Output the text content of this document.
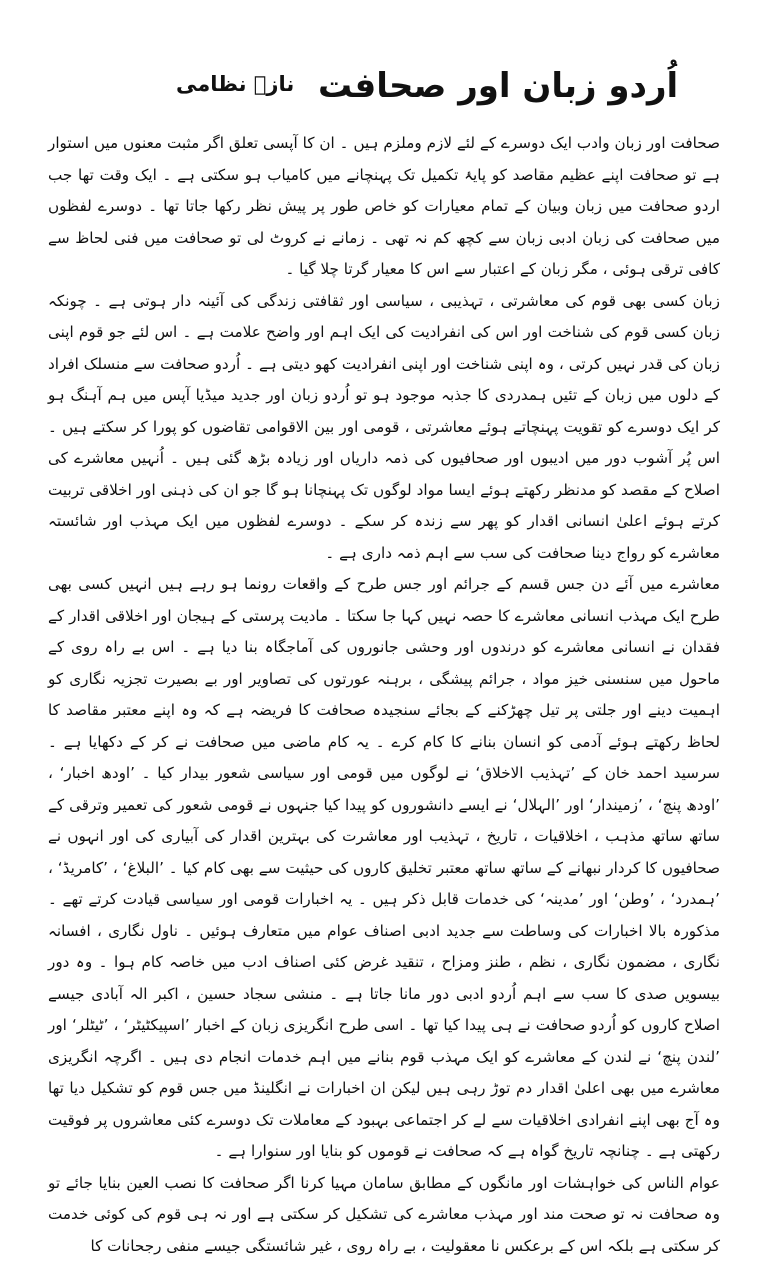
اُردو زبان اور صحافت
نازؔ نظامی

صحافت اور زبان وادب ایک دوسرے کے لئے لازم وملزم ہیں ۔ ان کا آپسی تعلق اگر مثبت معنوں میں استوار ہے تو صحافت اپنے عظیم مقاصد کو پایۂ تکمیل تک پہنچانے میں کامیاب ہو سکتی ہے ۔ ایک وقت تھا جب اردو صحافت میں زبان وبیان کے تمام معیارات کو خاص طور پر پیش نظر رکھا جاتا تھا ۔ دوسرے لفظوں میں صحافت کی زبان ادبی زبان سے کچھ کم نہ تھی ۔ زمانے نے کروٹ لی تو صحافت میں فنی لحاظ سے کافی ترقی ہوئی ، مگر زبان کے اعتبار سے اس کا معیار گرتا چلا گیا ۔

زبان کسی بھی قوم کی معاشرتی ، تہذیبی ، سیاسی اور ثقافتی زندگی کی آئینہ دار ہوتی ہے ۔ چونکہ زبان کسی قوم کی شناخت اور اس کی انفرادیت کی ایک اہم اور واضح علامت ہے ۔ اس لئے جو قوم اپنی زبان کی قدر نہیں کرتی ، وہ اپنی شناخت اور اپنی انفرادیت کھو دیتی ہے ۔ اُردو صحافت سے منسلک افراد کے دلوں میں زبان کے تئیں ہمدردی کا جذبہ موجود ہو تو اُردو زبان اور جدید میڈیا آپس میں ہم آہنگ ہو کر ایک دوسرے کو تقویت پہنچاتے ہوئے معاشرتی ، قومی اور بین الاقوامی تقاضوں کو پورا کر سکتے ہیں ۔ اس پُر آشوب دور میں ادیبوں اور صحافیوں کی ذمہ داریاں اور زیادہ بڑھ گئی ہیں ۔ اُنہیں معاشرے کی اصلاح کے مقصد کو مدنظر رکھتے ہوئے ایسا مواد لوگوں تک پہنچانا ہو گا جو ان کی ذہنی اور اخلاقی تربیت کرتے ہوئے اعلیٰ انسانی اقدار کو پھر سے زندہ کر سکے ۔ دوسرے لفظوں میں ایک مہذب اور شائستہ معاشرے کو رواج دینا صحافت کی سب سے اہم ذمہ داری ہے ۔

معاشرے میں آئے دن جس قسم کے جرائم اور جس طرح کے واقعات رونما ہو رہے ہیں انہیں کسی بھی طرح ایک مہذب انسانی معاشرے کا حصہ نہیں کہا جا سکتا ۔ مادیت پرستی کے ہیجان اور اخلاقی اقدار کے فقدان نے انسانی معاشرے کو درندوں اور وحشی جانوروں کی آماجگاہ بنا دیا ہے ۔ اس بے راہ روی کے ماحول میں سنسنی خیز مواد ، جرائم پیشگی ، برہنہ عورتوں کی تصاویر اور بے بصیرت تجزیہ نگاری کو اہمیت دینے اور جلتی پر تیل چھڑکنے کے بجائے سنجیدہ صحافت کا فریضہ ہے کہ وہ اپنے معتبر مقاصد کا لحاظ رکھتے ہوئے آدمی کو انسان بنانے کا کام کرے ۔ یہ کام ماضی میں صحافت نے کر کے دکھایا ہے ۔ سرسید احمد خان کے ’تہذیب الاخلاق‘ نے لوگوں میں قومی اور سیاسی شعور بیدار کیا ۔ ’اودھ اخبار‘ ، ’اودھ پنچ‘ ، ’زمیندار‘ اور ’الہلال‘ نے ایسے دانشوروں کو پیدا کیا جنہوں نے قومی شعور کی تعمیر وترقی کے ساتھ ساتھ مذہب ، اخلاقیات ، تاریخ ، تہذیب اور معاشرت کی بہترین اقدار کی آبیاری کی اور انہوں نے صحافیوں کا کردار نبھانے کے ساتھ ساتھ معتبر تخلیق کاروں کی حیثیت سے بھی کام کیا ۔ ’البلاغ‘ ، ’کامریڈ‘ ، ’ہمدرد‘ ، ’وطن‘ اور ’مدینہ‘ کی خدمات قابل ذکر ہیں ۔ یہ اخبارات قومی اور سیاسی قیادت کرتے تھے ۔ مذکورہ بالا اخبارات کی وساطت سے جدید ادبی اصناف عوام میں متعارف ہوئیں ۔ ناول نگاری ، افسانہ نگاری ، مضمون نگاری ، نظم ، طنز ومزاح ، تنقید غرض کئی اصناف ادب میں خاصہ کام ہوا ۔ وہ دور بیسویں صدی کا سب سے اہم اُردو ادبی دور مانا جاتا ہے ۔ منشی سجاد حسین ، اکبر الہ آبادی جیسے اصلاح کاروں کو اُردو صحافت نے ہی پیدا کیا تھا ۔ اسی طرح انگریزی زبان کے اخبار ’اسپیکٹیٹر‘ ، ’ٹیٹلر‘ اور ’لندن پنچ‘ نے لندن کے معاشرے کو ایک مہذب قوم بنانے میں اہم خدمات انجام دی ہیں ۔ اگرچہ انگریزی معاشرے میں بھی اعلیٰ اقدار دم توڑ رہی ہیں لیکن ان اخبارات نے انگلینڈ میں جس قوم کو تشکیل دیا تھا وہ آج بھی اپنے انفرادی اخلاقیات سے لے کر اجتماعی بہبود کے معاملات تک دوسرے کئی معاشروں پر فوقیت رکھتی ہے ۔ چنانچہ تاریخ گواہ ہے کہ صحافت نے قوموں کو بنایا اور سنوارا ہے ۔

عوام الناس کی خواہشات اور مانگوں کے مطابق سامان مہیا کرنا اگر صحافت کا نصب العین بنایا جائے تو وہ صحافت نہ تو صحت مند اور مہذب معاشرے کی تشکیل کر سکتی ہے اور نہ ہی قوم کی کوئی خدمت کر سکتی ہے بلکہ اس کے برعکس نا معقولیت ، بے راہ روی ، غیر شائستگی جیسے منفی رجحانات کا
